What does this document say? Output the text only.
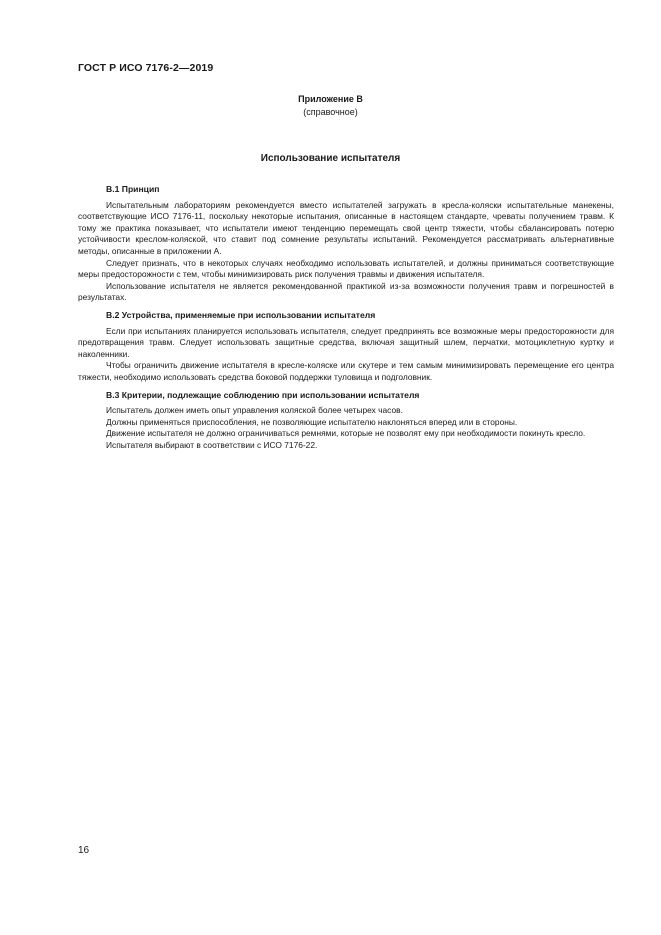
ГОСТ Р ИСО 7176-2—2019
Приложение В
(справочное)
Использование испытателя
В.1 Принцип

Испытательным лабораториям рекомендуется вместо испытателей загружать в кресла-коляски испытательные манекены, соответствующие ИСО 7176-11, поскольку некоторые испытания, описанные в настоящем стандарте, чреваты получением травм. К тому же практика показывает, что испытатели имеют тенденцию перемещать свой центр тяжести, чтобы сбалансировать потерю устойчивости креслом-коляской, что ставит под сомнение результаты испытаний. Рекомендуется рассматривать альтернативные методы, описанные в приложении А.

Следует признать, что в некоторых случаях необходимо использовать испытателей, и должны приниматься соответствующие меры предосторожности с тем, чтобы минимизировать риск получения травмы и движения испытателя.

Использование испытателя не является рекомендованной практикой из-за возможности получения травм и погрешностей в результатах.

В.2 Устройства, применяемые при использовании испытателя

Если при испытаниях планируется использовать испытателя, следует предпринять все возможные меры предосторожности для предотвращения травм. Следует использовать защитные средства, включая защитный шлем, перчатки, мотоциклетную куртку и наколенники.

Чтобы ограничить движение испытателя в кресле-коляске или скутере и тем самым минимизировать перемещение его центра тяжести, необходимо использовать средства боковой поддержки туловища и подголовник.

В.3 Критерии, подлежащие соблюдению при использовании испытателя

Испытатель должен иметь опыт управления коляской более четырех часов.

Должны применяться приспособления, не позволяющие испытателю наклоняться вперед или в стороны.

Движение испытателя не должно ограничиваться ремнями, которые не позволят ему при необходимости покинуть кресло.

Испытателя выбирают в соответствии с ИСО 7176-22.

16
